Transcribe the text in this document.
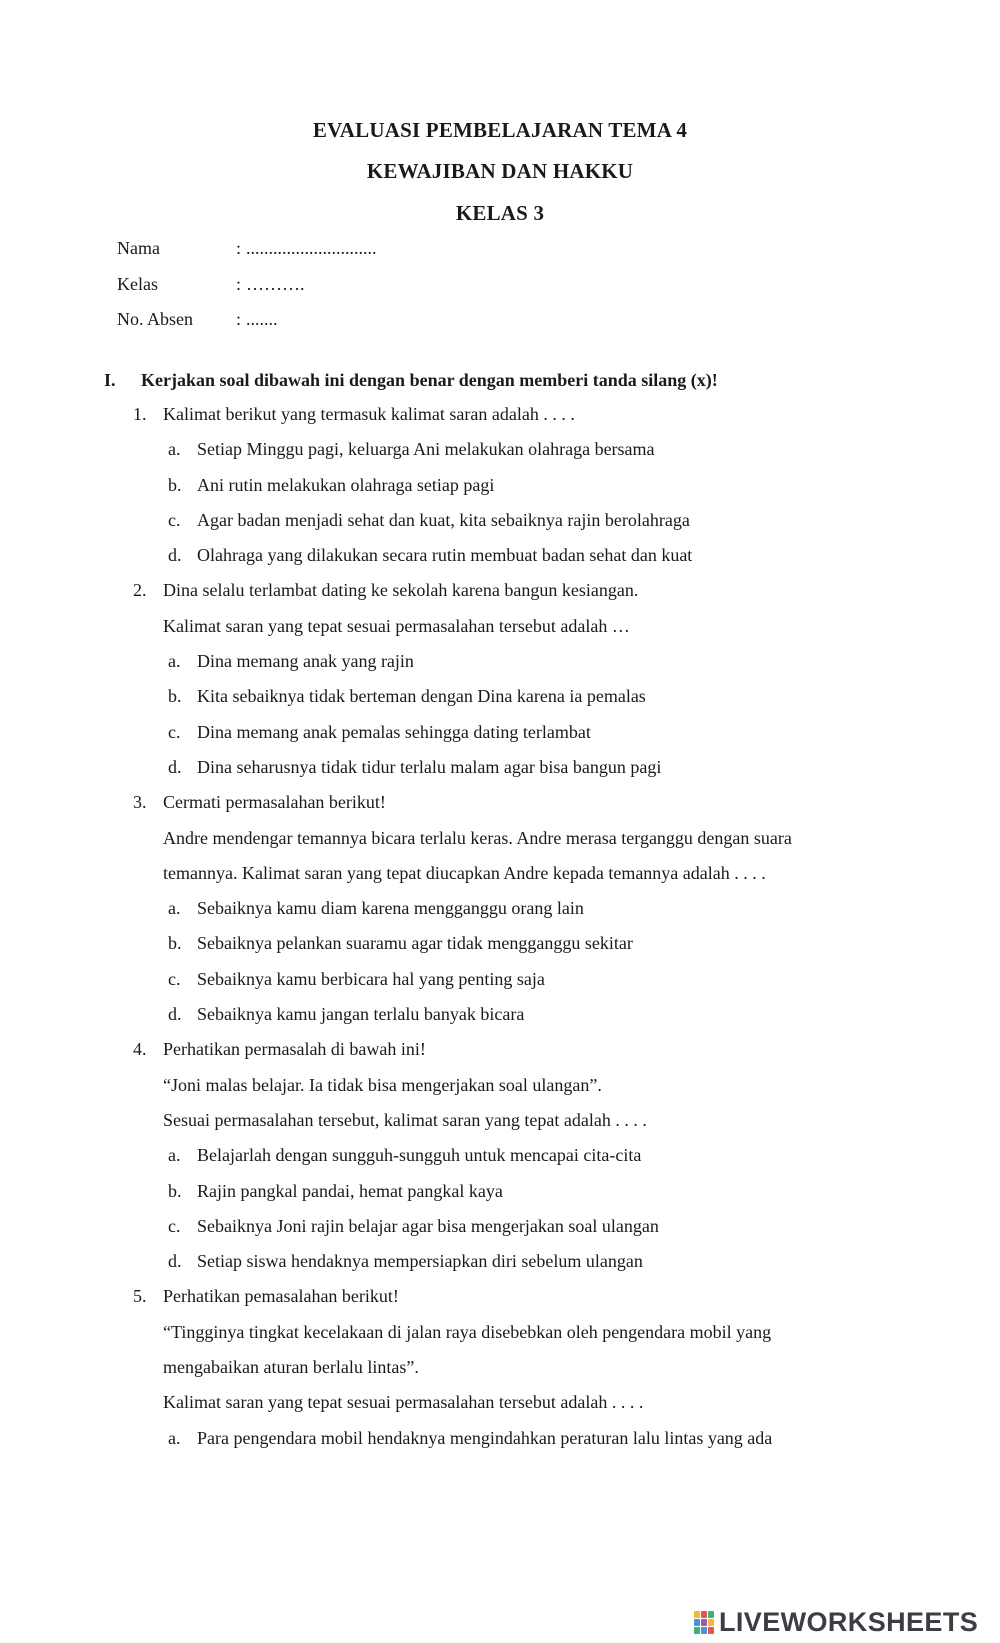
EVALUASI PEMBELAJARAN TEMA 4
KEWAJIBAN DAN HAKKU
KELAS 3
Nama	: .............................
Kelas	: ……….
No. Absen	: .......
I.	Kerjakan soal dibawah ini dengan benar dengan memberi tanda silang (x)!
1. Kalimat berikut yang termasuk kalimat saran adalah . . . .
a. Setiap Minggu pagi, keluarga Ani melakukan olahraga bersama
b. Ani rutin melakukan olahraga setiap pagi
c. Agar badan menjadi sehat dan kuat, kita sebaiknya rajin berolahraga
d. Olahraga yang dilakukan secara rutin membuat badan sehat dan kuat
2. Dina selalu terlambat dating ke sekolah karena bangun kesiangan.
Kalimat saran yang tepat sesuai permasalahan tersebut adalah …
a. Dina memang anak yang rajin
b. Kita sebaiknya tidak berteman dengan Dina karena ia pemalas
c. Dina memang anak pemalas sehingga dating terlambat
d. Dina seharusnya tidak tidur terlalu malam agar bisa bangun pagi
3. Cermati permasalahan berikut!
Andre mendengar temannya bicara terlalu keras. Andre merasa terganggu dengan suara
temannya. Kalimat saran yang tepat diucapkan Andre kepada temannya adalah . . . .
a. Sebaiknya kamu diam karena mengganggu orang lain
b. Sebaiknya pelankan suaramu agar tidak mengganggu sekitar
c. Sebaiknya kamu berbicara hal yang penting saja
d. Sebaiknya kamu jangan terlalu banyak bicara
4. Perhatikan permasalah di bawah ini!
“Joni malas belajar. Ia tidak bisa mengerjakan soal ulangan”.
Sesuai permasalahan tersebut, kalimat saran yang tepat adalah . . . .
a. Belajarlah dengan sungguh-sungguh untuk mencapai cita-cita
b. Rajin pangkal pandai, hemat pangkal kaya
c. Sebaiknya Joni rajin belajar agar bisa mengerjakan soal ulangan
d. Setiap siswa hendaknya mempersiapkan diri sebelum ulangan
5. Perhatikan pemasalahan berikut!
“Tingginya tingkat kecelakaan di jalan raya disebebkan oleh pengendara mobil yang
mengabaikan aturan berlalu lintas”.
Kalimat saran yang tepat sesuai permasalahan tersebut adalah . . . .
a. Para pengendara mobil hendaknya mengindahkan peraturan lalu lintas yang ada
LIVEWORKSHEETS
